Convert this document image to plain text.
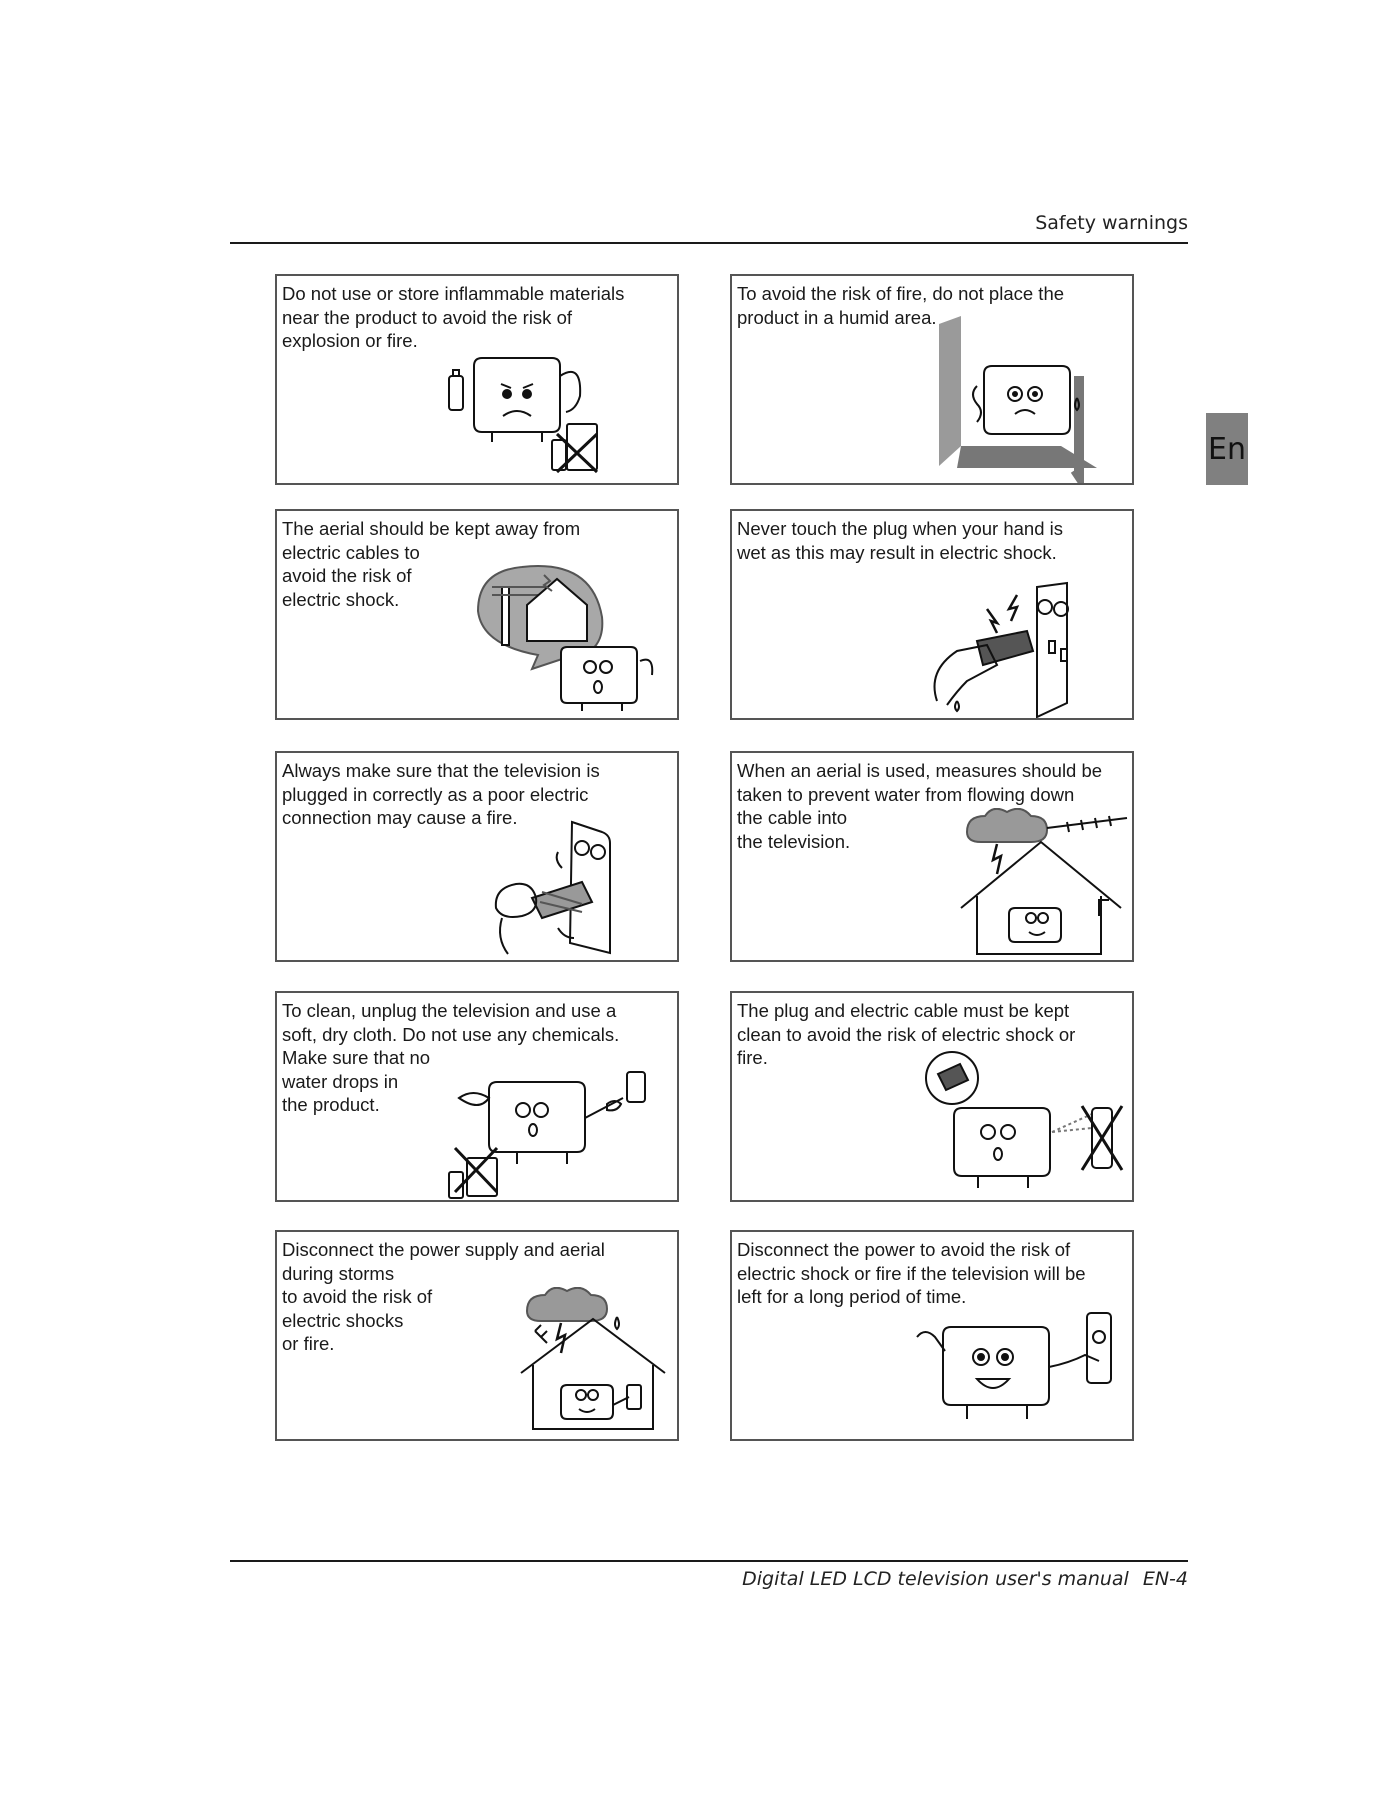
Safety warnings
En
Do not use or store inflammable materials
near the product to avoid the risk of
explosion or fire.
To avoid the risk of fire, do not place the
product in a humid area.
The aerial should be kept away from
electric cables to
avoid the risk of
electric shock.
Never touch the plug when your hand is
wet as this may result in electric shock.
Always make sure that the television is
plugged in correctly as a poor electric
connection may cause a fire.
When an aerial is used, measures should be
taken to prevent water from flowing down
the cable into
the television.
To clean, unplug the television and use a
soft, dry cloth. Do not use any chemicals.
Make sure that no
water drops in
the product.
The plug and electric cable must be kept
clean to avoid the risk of electric shock or
fire.
Disconnect the power supply and aerial
during storms
to avoid the risk of
electric shocks
or fire.
Disconnect the power to avoid the risk of
electric shock or fire if the television will be
left for a long period of time.
Digital LED LCD television user's manual EN-4
